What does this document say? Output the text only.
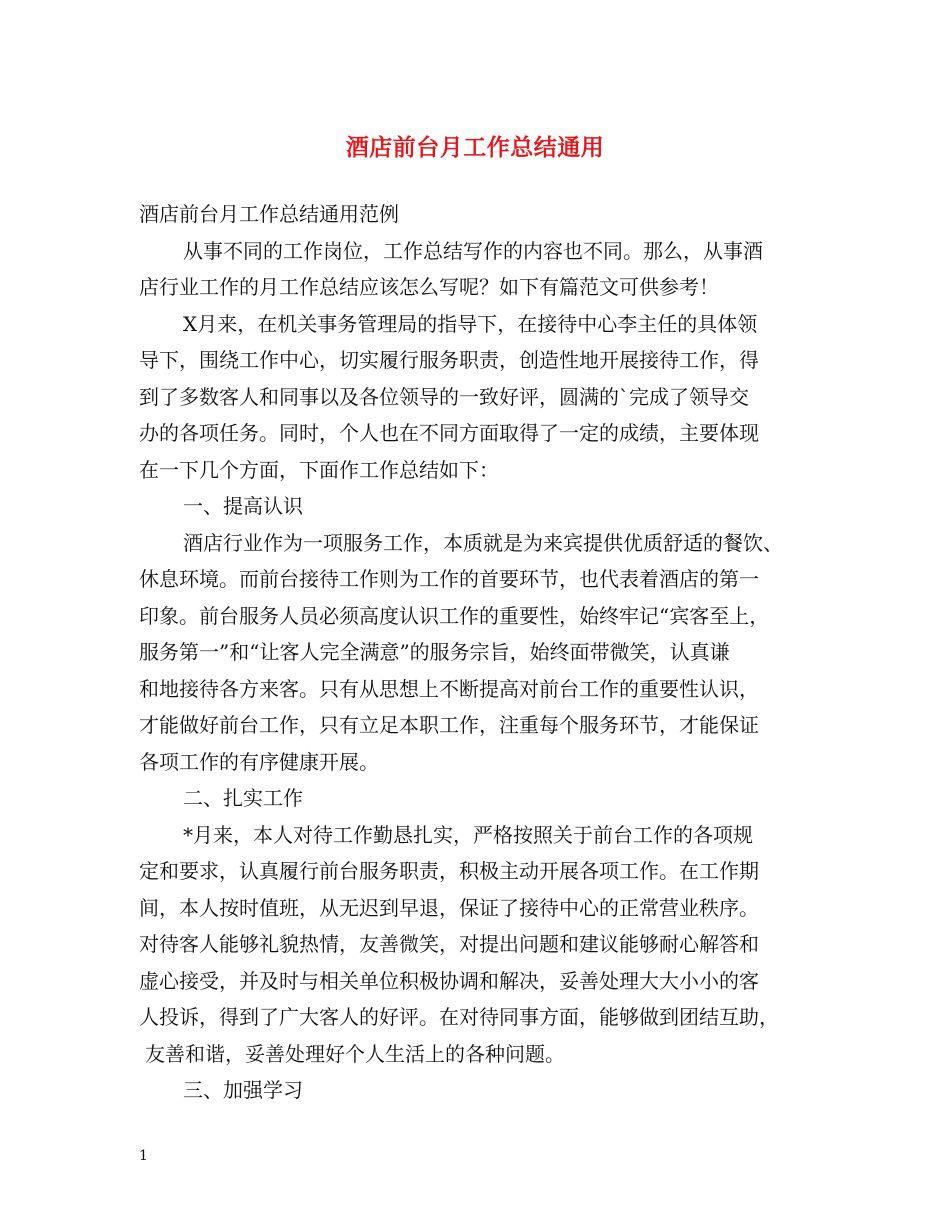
酒店前台月工作总结通用
酒店前台月工作总结通用范例
从事不同的工作岗位，工作总结写作的内容也不同。那么，从事酒
店行业工作的月工作总结应该怎么写呢？如下有篇范文可供参考！
X月来，在机关事务管理局的指导下，在接待中心李主任的具体领
导下，围绕工作中心，切实履行服务职责，创造性地开展接待工作，得
到了多数客人和同事以及各位领导的一致好评，圆满的`完成了领导交
办的各项任务。同时，个人也在不同方面取得了一定的成绩，主要体现
在一下几个方面，下面作工作总结如下：
一、提高认识
酒店行业作为一项服务工作，本质就是为来宾提供优质舒适的餐饮、
休息环境。而前台接待工作则为工作的首要环节，也代表着酒店的第一
印象。前台服务人员必须高度认识工作的重要性，始终牢记“宾客至上，
服务第一”和“让客人完全满意”的服务宗旨，始终面带微笑，认真谦
和地接待各方来客。只有从思想上不断提高对前台工作的重要性认识，
才能做好前台工作，只有立足本职工作，注重每个服务环节，才能保证
各项工作的有序健康开展。
二、扎实工作
*月来，本人对待工作勤恳扎实，严格按照关于前台工作的各项规
定和要求，认真履行前台服务职责，积极主动开展各项工作。在工作期
间，本人按时值班，从无迟到早退，保证了接待中心的正常营业秩序。
对待客人能够礼貌热情，友善微笑，对提出问题和建议能够耐心解答和
虚心接受，并及时与相关单位积极协调和解决，妥善处理大大小小的客
人投诉，得到了广大客人的好评。在对待同事方面，能够做到团结互助，
友善和谐，妥善处理好个人生活上的各种问题。
三、加强学习
1
